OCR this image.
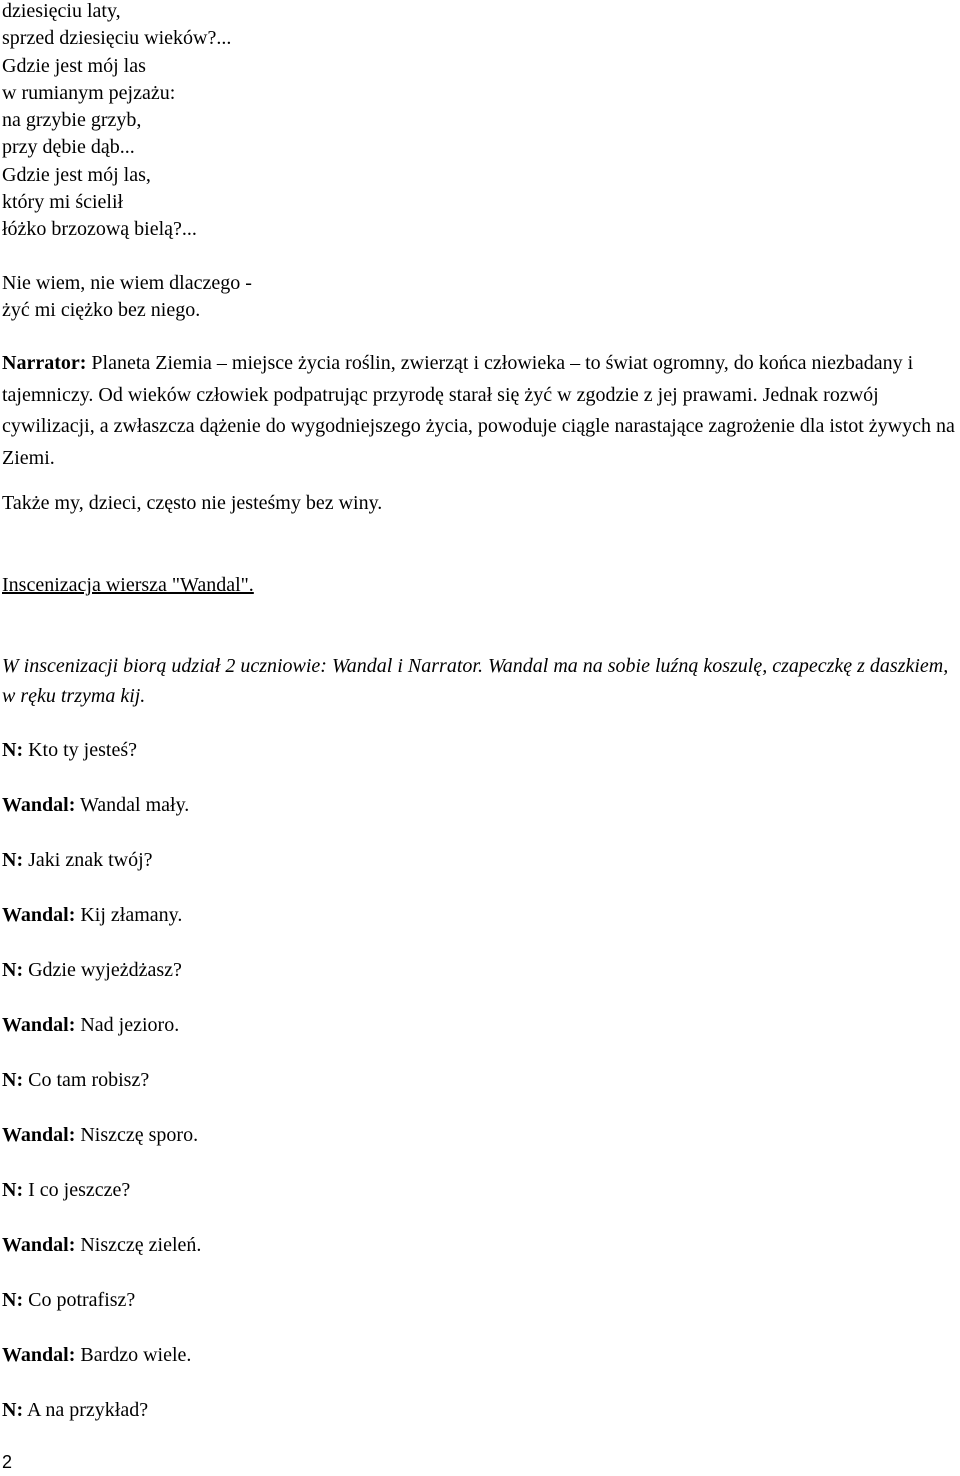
dziesięciu laty,
sprzed dziesięciu wieków?...
Gdzie jest mój las
w rumianym pejzażu:
na grzybie grzyb,
przy dębie dąb...
Gdzie jest mój las,
który mi ścielił
łóżko brzozową bielą?...
Nie wiem, nie wiem dlaczego -
żyć mi ciężko bez niego.
Narrator: Planeta Ziemia – miejsce życia roślin, zwierząt i człowieka – to świat ogromny, do końca niezbadany i tajemniczy. Od wieków człowiek podpatrując przyrodę starał się żyć w zgodzie z jej prawami. Jednak rozwój cywilizacji, a zwłaszcza dążenie do wygodniejszego życia, powoduje ciągle narastające zagrożenie dla istot żywych na Ziemi.
Także my, dzieci, często nie jesteśmy bez winy.
Inscenizacja wiersza "Wandal".
W inscenizacji biorą udział 2 uczniowie: Wandal i Narrator. Wandal ma na sobie luźną koszulę, czapeczkę z daszkiem, w ręku trzyma kij.
N: Kto ty jesteś?
Wandal: Wandal mały.
N: Jaki znak twój?
Wandal: Kij złamany.
N: Gdzie wyjeżdżasz?
Wandal: Nad jezioro.
N: Co tam robisz?
Wandal: Niszczę sporo.
N: I co jeszcze?
Wandal: Niszczę zieleń.
N: Co potrafisz?
Wandal: Bardzo wiele.
N: A na przykład?
2
